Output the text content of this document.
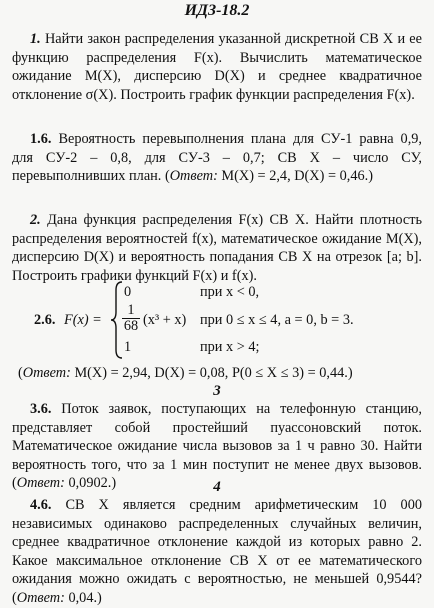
ИДЗ-18.2

1. Найти закон распределения указанной дискретной СВ X и ее функцию распределения F(x). Вычислить математическое ожидание M(X), дисперсию D(X) и среднее квадратичное отклонение σ(X). Построить график функции распределения F(x).

1.6. Вероятность перевыполнения плана для СУ-1 равна 0,9, для СУ-2 – 0,8, для СУ-3 – 0,7; СВ X – число СУ, перевыполнивших план. (Ответ: M(X) = 2,4, D(X) = 0,46.)

2. Дана функция распределения F(x) СВ X. Найти плотность распределения вероятностей f(x), математическое ожидание M(X), дисперсию D(X) и вероятность попадания СВ X на отрезок [a; b]. Построить графики функций F(x) и f(x).

2.6. F(x) =
0	при x < 0,
$\frac{1}{68} (x^3 + x)$ при 0 ≤ x ≤ 4, a = 0, b = 3.
1	при x > 4;
(Ответ: M(X) = 2,94, D(X) = 0,08, P(0 ≤ X ≤ 3) = 0,44.)
3

3.6. Поток заявок, поступающих на телефонную станцию, представляет собой простейший пуассоновский поток. Математическое ожидание числа вызовов за 1 ч равно 30. Найти вероятность того, что за 1 мин поступит не менее двух вызовов. (Ответ: 0,0902.)	4

4.6. СВ X является средним арифметическим 10 000 независимых одинаково распределенных случайных величин, среднее квадратичное отклонение каждой из которых равно 2. Какое максимальное отклонение СВ X от ее математического ожидания можно ожидать с вероятностью, не меньшей 0,9544? (Ответ: 0,04.)
